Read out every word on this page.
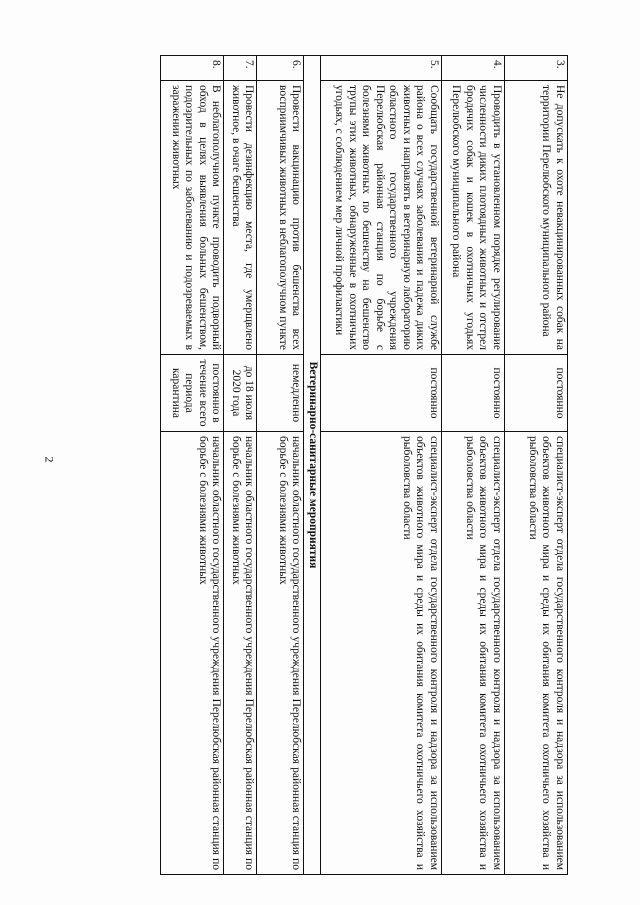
2
3.	Не допускать к охоте невакцинированных собак на территории Перелюбского муниципального района	постоянно	специалист-эксперт отдела государственного контроля и надзора за использованием объектов животного мира и среды их обитания комитета охотничьего хозяйства и рыболовства области
4.	Проводить в установленном порядке регулирование численности диких плотоядных животных и отстрел бродячих собак и кошек в охотничьих угодьях Перелюбского муниципального района	постоянно	специалист-эксперт отдела государственного контроля и надзора за использованием объектов животного мира и среды их обитания комитета охотничьего хозяйства и рыболовства области
5.	Сообщать государственной ветеринарной службе района о всех случаях заболевания и падежа диких животных и направлять в ветеринарную лабораторию областного государственного учреждения Перелюбская районная станция по борьбе с болезнями животных по бешенству на бешенство трупы этих животных, обнаруженные в охотничьих угодьях, с соблюдением мер личной профилактики	постоянно	специалист-эксперт отдела государственного контроля и надзора за использованием объектов животного мира и среды их обитания комитета охотничьего хозяйства и рыболовства области
Ветеринарно-санитарные мероприятия			
6.	Провести вакцинацию против бешенства всех восприимчивых животных в неблагополучном пункте	немедленно	начальник областного государственного учреждения Перелюбская районная станция по борьбе с болезнями животных
7.	Провести дезинфекцию места, где умерщвлено животное, в очаге бешенства	до 18 июля 2020 года	начальник областного государственного учреждения Перелюбская районная станция по борьбе с болезнями животных
8.	В неблагополучном пункте проводить подворный обход в целях выявления больных бешенством, подозрительных по заболеванию и подозреваемых в заражении животных	постоянно в течение всего периода карантина	начальник областного государственного учреждения Перелюбская районная станция по борьбе с болезнями животных
